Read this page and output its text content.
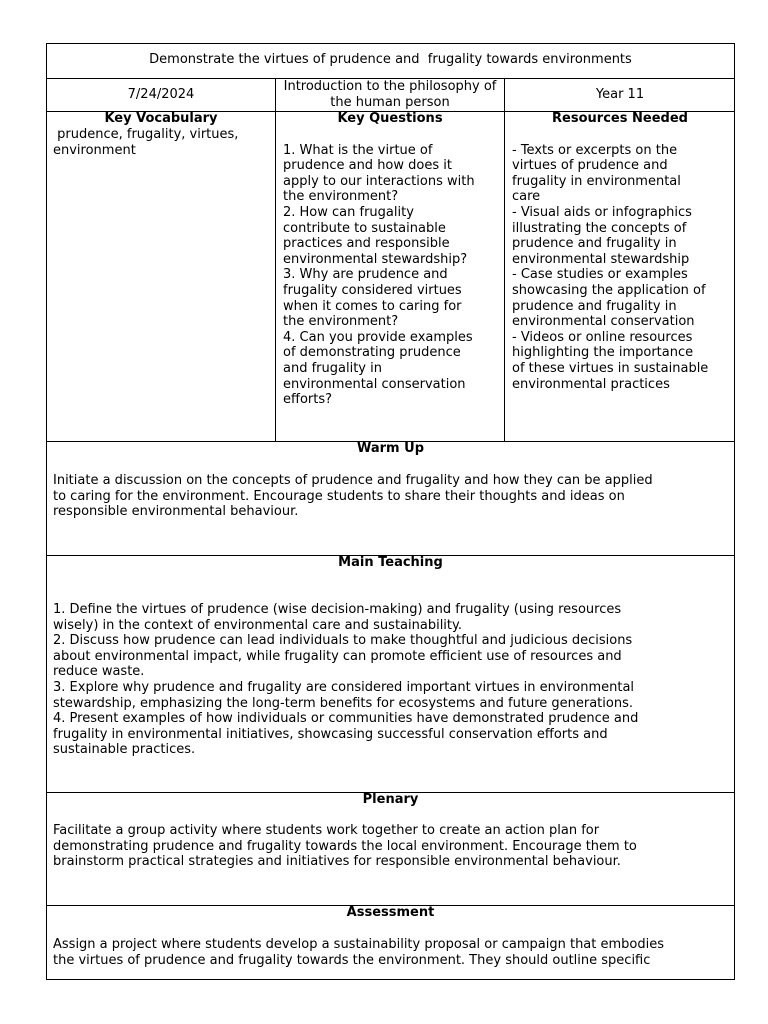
Demonstrate the virtues of prudence and  frugality towards environments
7/24/2024
Introduction to the philosophy of the human person
Year 11
Key Vocabulary
prudence, frugality, virtues,
environment
Key Questions

1. What is the virtue of
prudence and how does it
apply to our interactions with
the environment?
2. How can frugality
contribute to sustainable
practices and responsible
environmental stewardship?
3. Why are prudence and
frugality considered virtues
when it comes to caring for
the environment?
4. Can you provide examples
of demonstrating prudence
and frugality in
environmental conservation
efforts?
Resources Needed

- Texts or excerpts on the
virtues of prudence and
frugality in environmental
care
- Visual aids or infographics
illustrating the concepts of
prudence and frugality in
environmental stewardship
- Case studies or examples
showcasing the application of
prudence and frugality in
environmental conservation
- Videos or online resources
highlighting the importance
of these virtues in sustainable
environmental practices
Warm Up
Initiate a discussion on the concepts of prudence and frugality and how they can be applied
to caring for the environment. Encourage students to share their thoughts and ideas on
responsible environmental behaviour.
Main Teaching
1. Define the virtues of prudence (wise decision-making) and frugality (using resources
wisely) in the context of environmental care and sustainability.
2. Discuss how prudence can lead individuals to make thoughtful and judicious decisions
about environmental impact, while frugality can promote efficient use of resources and
reduce waste.
3. Explore why prudence and frugality are considered important virtues in environmental
stewardship, emphasizing the long-term benefits for ecosystems and future generations.
4. Present examples of how individuals or communities have demonstrated prudence and
frugality in environmental initiatives, showcasing successful conservation efforts and
sustainable practices.
Plenary
Facilitate a group activity where students work together to create an action plan for
demonstrating prudence and frugality towards the local environment. Encourage them to
brainstorm practical strategies and initiatives for responsible environmental behaviour.
Assessment
Assign a project where students develop a sustainability proposal or campaign that embodies
the virtues of prudence and frugality towards the environment. They should outline specific
